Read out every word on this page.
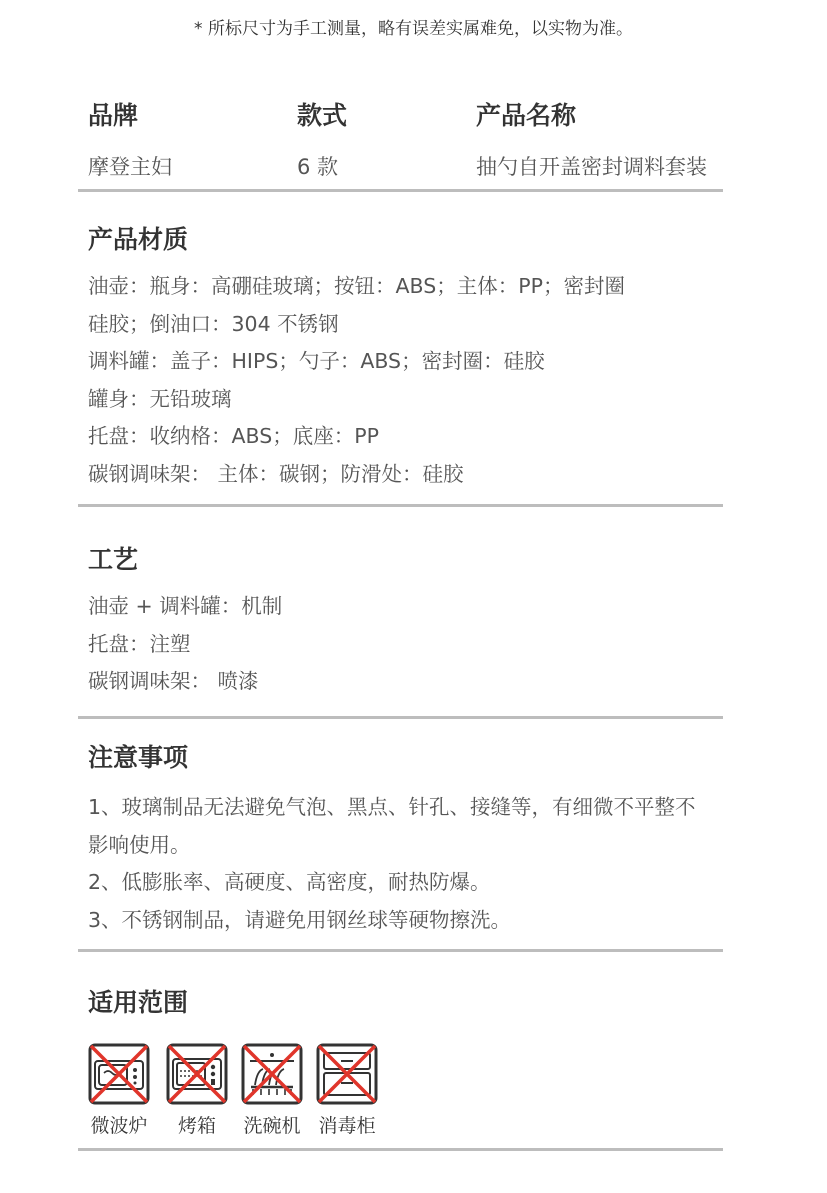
* 所标尺寸为手工测量，略有误差实属难免，以实物为准。
品牌	款式	产品名称
摩登主妇	6 款	抽勺自开盖密封调料套装
产品材质
油壶：瓶身：高硼硅玻璃；按钮：ABS；主体：PP；密封圈
硅胶；倒油口：304 不锈钢
调料罐：盖子：HIPS；勺子：ABS；密封圈：硅胶
罐身：无铅玻璃
托盘：收纳格：ABS；底座：PP
碳钢调味架： 主体：碳钢；防滑处：硅胶
工艺
油壶 + 调料罐：机制
托盘：注塑
碳钢调味架： 喷漆
注意事项
1、玻璃制品无法避免气泡、黑点、针孔、接缝等，有细微不平整不
影响使用。
2、低膨胀率、高硬度、高密度，耐热防爆。
3、不锈钢制品，请避免用钢丝球等硬物擦洗。
适用范围
微波炉	烤箱	洗碗机 消毒柜
